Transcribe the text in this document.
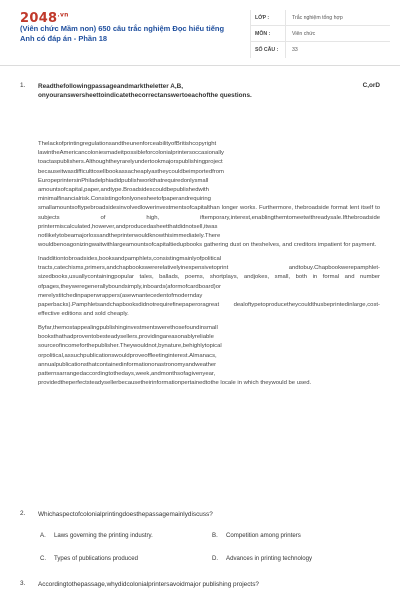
$2048^{.vn}$
(Viên chức Mầm non) 650 câu trắc nghiệm Đọc hiểu tiếng Anh có đáp án - Phần 18
LỚP :	Trắc nghiệm tổng hợp
MÔN :	Viên chức
SỐ CÂU :	33
1. Readthefollowingpassageandmarktheletter A,B, onyouranswersheettoindicatethecorrectanswertoeachofthe questions.
C,orD

ThelackofprintingregulationsandtheunenforceabilityofBritishcopyright lawintheAmericancoloniesmadeitpossibleforcolonialprintersoccasionally toactaspublishers.Althoughtheyrarelyundertookmajorspublishingproject becauseitwasdifficulttosellbookassacheaplyastheycouldbeimportedfrom EuropeprintersinPhiladelphiadidpublishworkthatrequiredonlysmall amountsofcapital,paper,andtype.Broadsidescouldbepublishedwith minimalfinancialrisk.Consistingofonlyonesheetofpaperandrequiring smallamountsoftypebroadsidesinvolvedlowerinvestmentsofcapitalthan longer works. Furthermore, thebroadside format lent itself to subjects of high, iftemporary,interest,enablingthemtomeetwithreadysale.Ifthebroadside printermiscalculated,however,andproducedasheetthatdidnotsell,itwas notlikelytobeamajorlossandtheprinterwouldknowthisimmediately.There wouldbenoagonizingwaitwithlargeamountsofcapitaltiedupbooks gathering dust on theshelves, and creditors impatient for payment.

Inadditiontobroadsides,booksandpamphlets,consistingmainlyofpolitical tracts,catechisms,primers,andchapbookswererelativelyinexpensivetoprint andtobuy.Chapbookwerepamphlet-sizedbooks,usuallycontainingpopular tales, ballads, poems, shortplays, andjokes, small, both in formal and number ofpages,theyweregenerallyboundsimply,inboards(aformofcardboard)or merelystitchedinpaperwrappers(asewnantecedentofmodernday paperbacks).Pamphletsandchapbooksdidnotrequirefinepaperoragreat dealoftypetoproducetheycouldthusbeprintedinlarge,cost-effective editions and sold cheaply.

Byfar,themostappealingpublishinginvestmentswerethosefoundinsmall booksthathadproventobesteadysellers,providingareasonablyreliable sourceofincomeforthepublisher.Theywouldnot,bynature,behighlytopical orpolitical,assuchpublicationswouldproveoffleetinginterest.Almanacs, annualpublicationsthatcontainedinformationonastronomyandweather patternsarrangedaccordingtothedays,week,andmonthsofagivenyear, providedtheperfectsteadysellerbecausetheirinformationpertainedtothe locale in which theywould be used.

2. Whichaspectofcolonialprintingdoesthepassagemainlydiscuss?
A. Laws governing the printing industry.	B. Competition among printers
C. Types of publications produced	D. Advances in printing technology
3. Accordingtothepassage,whydidcolonialprintersavoidmajor publishing projects?
